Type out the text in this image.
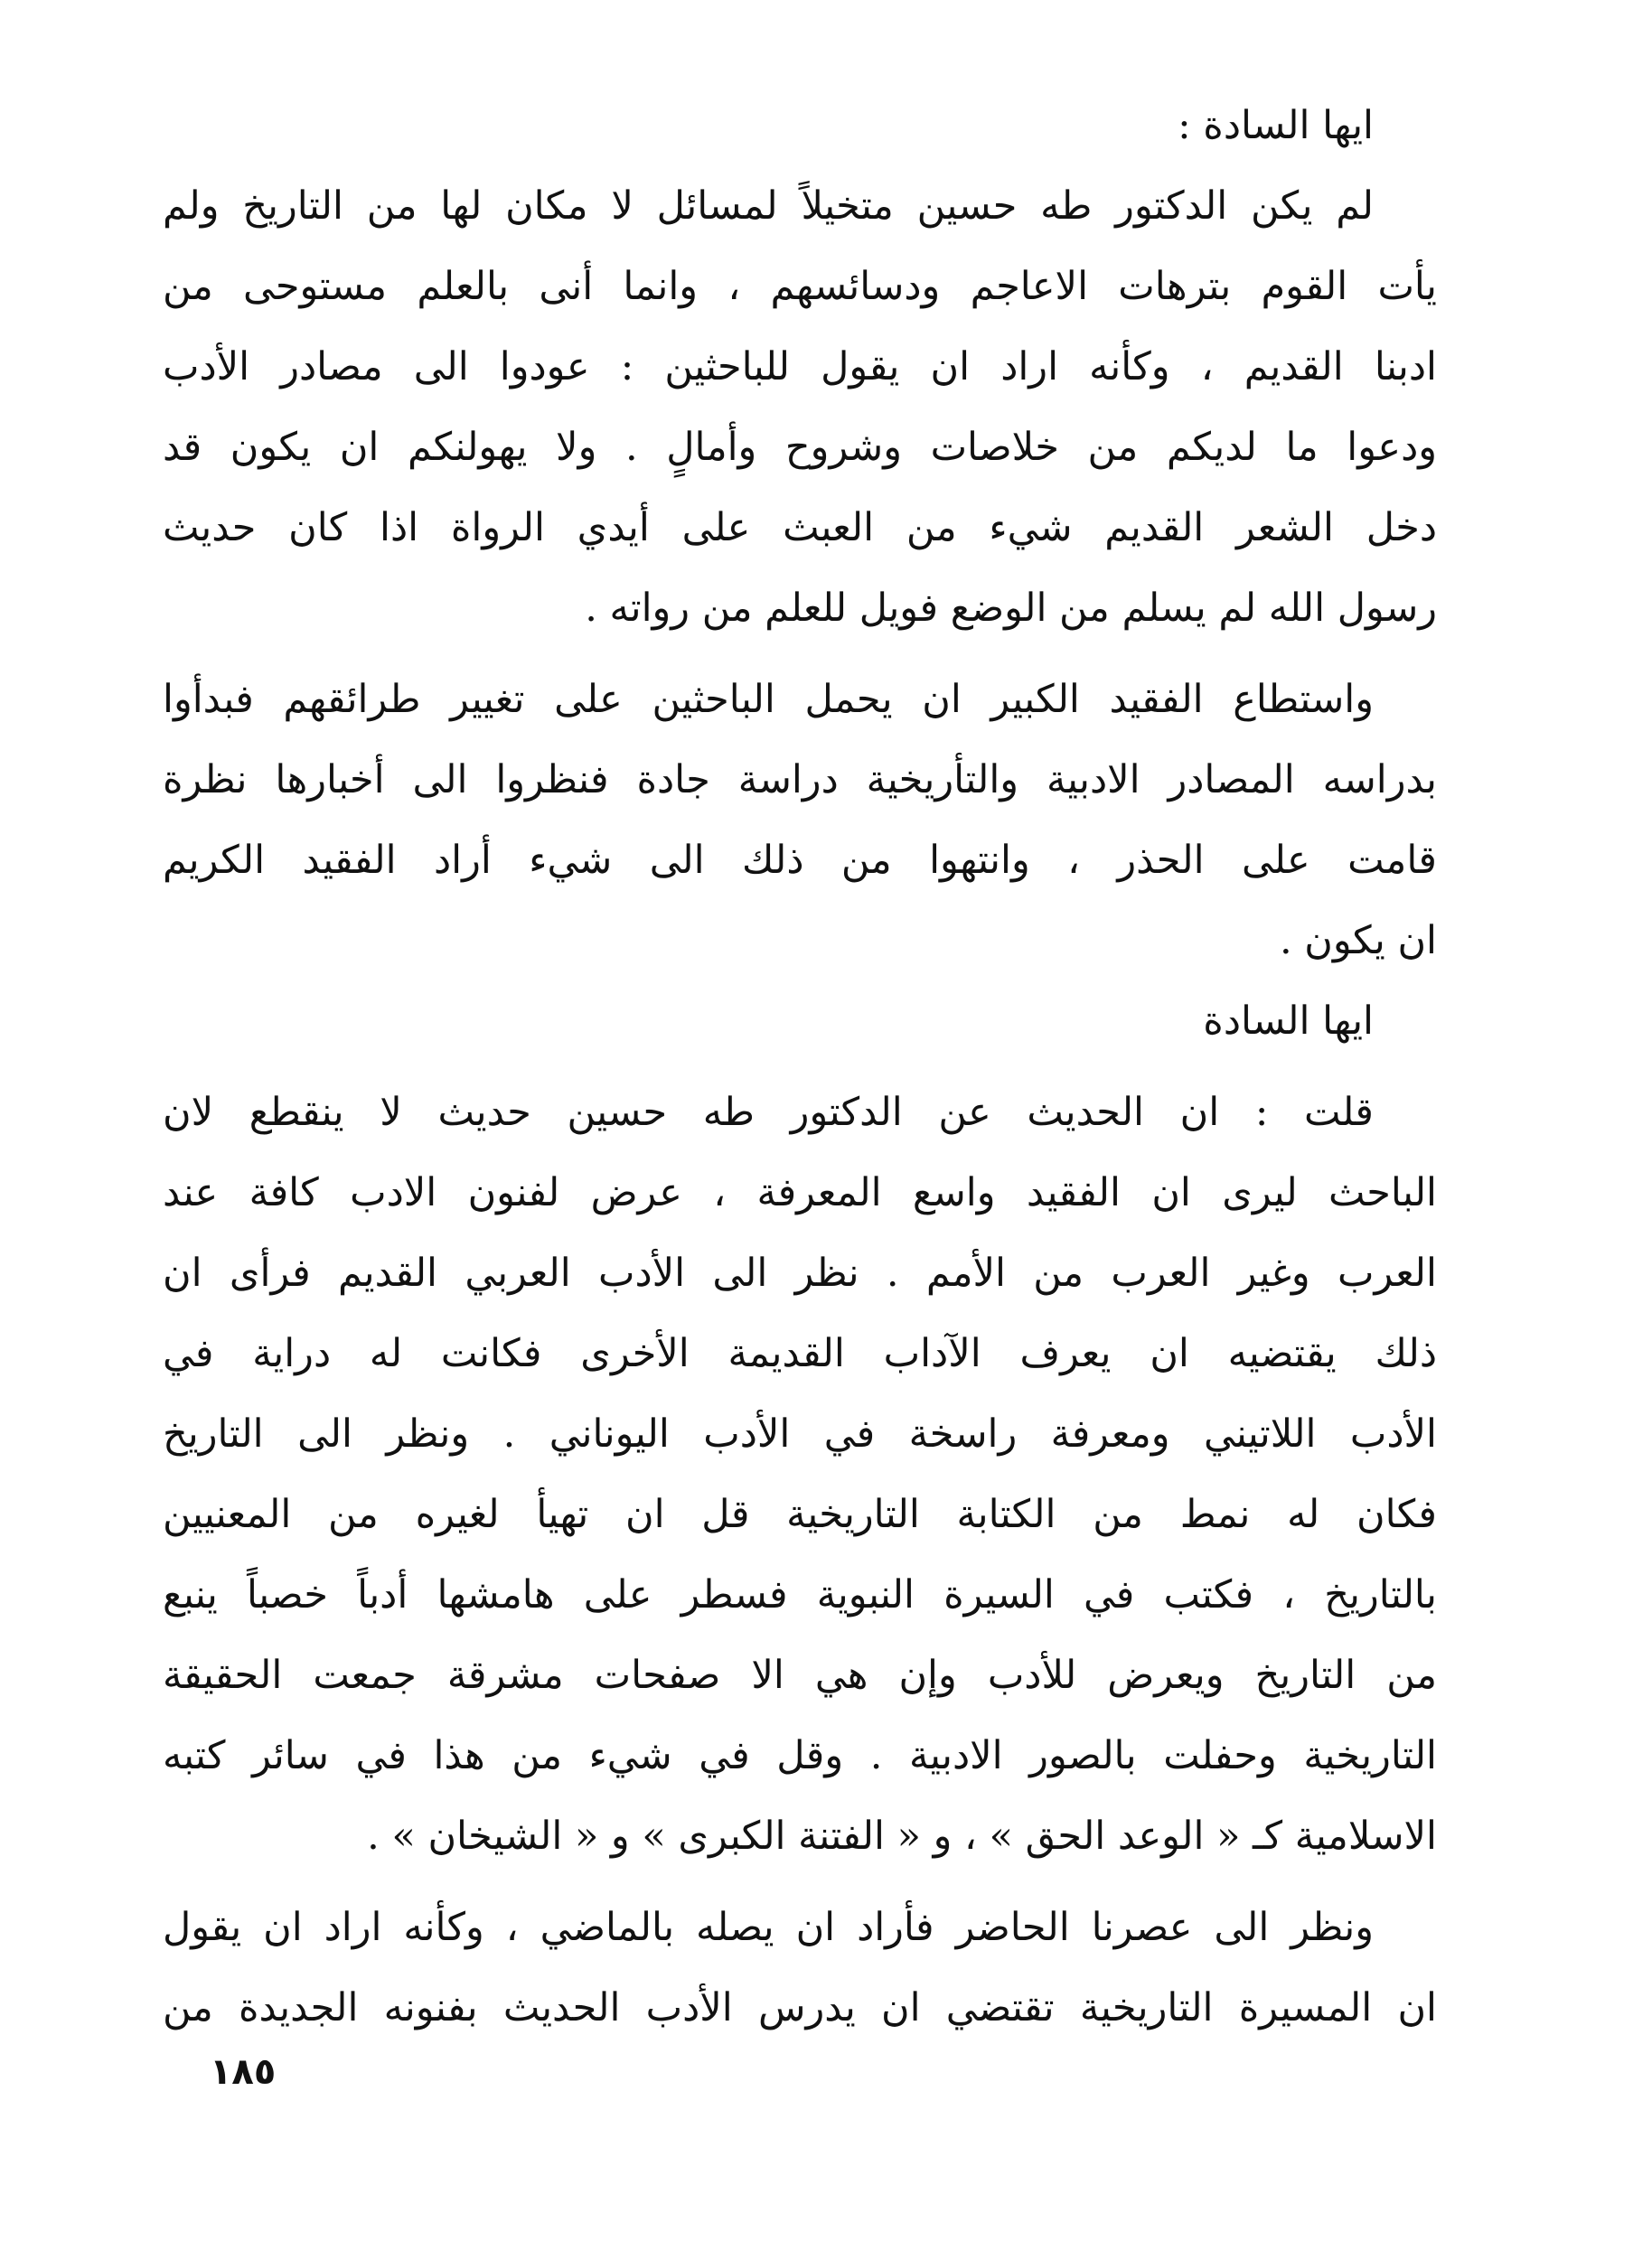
ايها السادة :
لم يكن الدكتور طه حسين متخيلاً لمسائل لا مكان لها من التاريخ ولم
يأت القوم بترهات الاعاجم ودسائسهم ، وانما أنى بالعلم مستوحى من
ادبنا القديم ، وكأنه اراد ان يقول للباحثين : عودوا الى مصادر الأدب
ودعوا ما لديكم من خلاصات وشروح وأمالٍ . ولا يهولنكم ان يكون قد
دخل الشعر القديم شيء من العبث على أيدي الرواة اذا كان حديث
رسول الله لم يسلم من الوضع فويل للعلم من رواته .
واستطاع الفقيد الكبير ان يحمل الباحثين على تغيير طرائقهم فبدأوا
بدراسه المصادر الادبية والتأريخية دراسة جادة فنظروا الى أخبارها نظرة
قامت على الحذر ، وانتهوا من ذلك الى شيء أراد الفقيد الكريم
ان يكون .
ايها السادة
قلت : ان الحديث عن الدكتور طه حسين حديث لا ينقطع لان
الباحث ليرى ان الفقيد واسع المعرفة ، عرض لفنون الادب كافة عند
العرب وغير العرب من الأمم . نظر الى الأدب العربي القديم فرأى ان
ذلك يقتضيه ان يعرف الآداب القديمة الأخرى فكانت له دراية في
الأدب اللاتيني ومعرفة راسخة في الأدب اليوناني . ونظر الى التاريخ
فكان له نمط من الكتابة التاريخية قل ان تهيأ لغيره من المعنيين
بالتاريخ ، فكتب في السيرة النبوية فسطر على هامشها أدباً خصباً ينبع
من التاريخ ويعرض للأدب وإن هي الا صفحات مشرقة جمعت الحقيقة
التاريخية وحفلت بالصور الادبية . وقل في شيء من هذا في سائر كتبه
الاسلامية كـ « الوعد الحق » ، و « الفتنة الكبرى » و « الشيخان » .
ونظر الى عصرنا الحاضر فأراد ان يصله بالماضي ، وكأنه اراد ان يقول
ان المسيرة التاريخية تقتضي ان يدرس الأدب الحديث بفنونه الجديدة من
١٨٥
